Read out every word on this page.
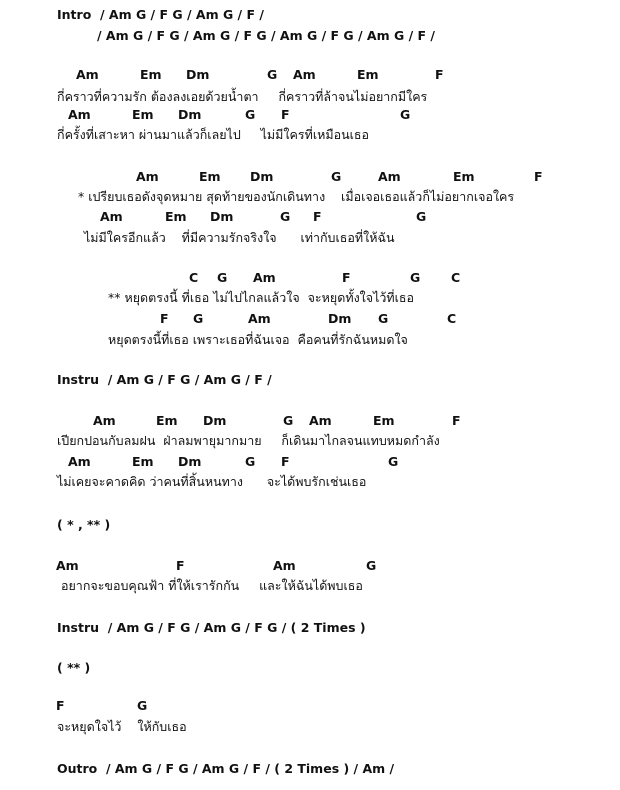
Intro  / Am G / F G / Am G / F /
/ Am G / F G / Am G / F G / Am G / F G / Am G / F /
กี่คราวที่ความรัก ต้องลงเอยด้วยน้ำตา     กี่คราวที่ล้าจนไม่อยากมีใคร
กี่ครั้งที่เสาะหา ผ่านมาแล้วก็เลยไป     ไม่มีใครที่เหมือนเธอ
* เปรียบเธอดังจุดหมาย สุดท้ายของนักเดินทาง    เมื่อเจอเธอแล้วก็ไม่อยากเจอใคร
ไม่มีใครอีกแล้ว    ที่มีความรักจริงใจ      เท่ากับเธอที่ให้ฉัน
** หยุดตรงนี้ ที่เธอ ไม่ไปไกลแล้วใจ  จะหยุดทั้งใจไว้ที่เธอ
หยุดตรงนี้ที่เธอ เพราะเธอที่ฉันเจอ  คือคนที่รักฉันหมดใจ
Instru  / Am G / F G / Am G / F /
เปียกปอนกับลมฝน  ฝ่าลมพายุมากมาย     ก็เดินมาไกลจนแทบหมดกำลัง
ไม่เคยจะคาดคิด ว่าคนที่สิ้นหนทาง      จะได้พบรักเช่นเธอ
( * , ** )
อยากจะขอบคุณฟ้า ที่ให้เรารักกัน     และให้ฉันได้พบเธอ
Instru  / Am G / F G / Am G / F G / ( 2 Times )
( ** )
จะหยุดใจไว้    ให้กับเธอ
Outro  / Am G / F G / Am G / F / ( 2 Times ) / Am /
Am	Em Dm	G Am	Em	F
Am	Em Dm	G F	G
Am	Em Dm	G	Am	Em	F
Am	Em Dm	G F	G
C G Am	F	G C
F G	Am	Dm G	C
Am	Em Dm	G Am	Em	F
Am	Em Dm	G F	G
Am	F	Am	G
F	G
